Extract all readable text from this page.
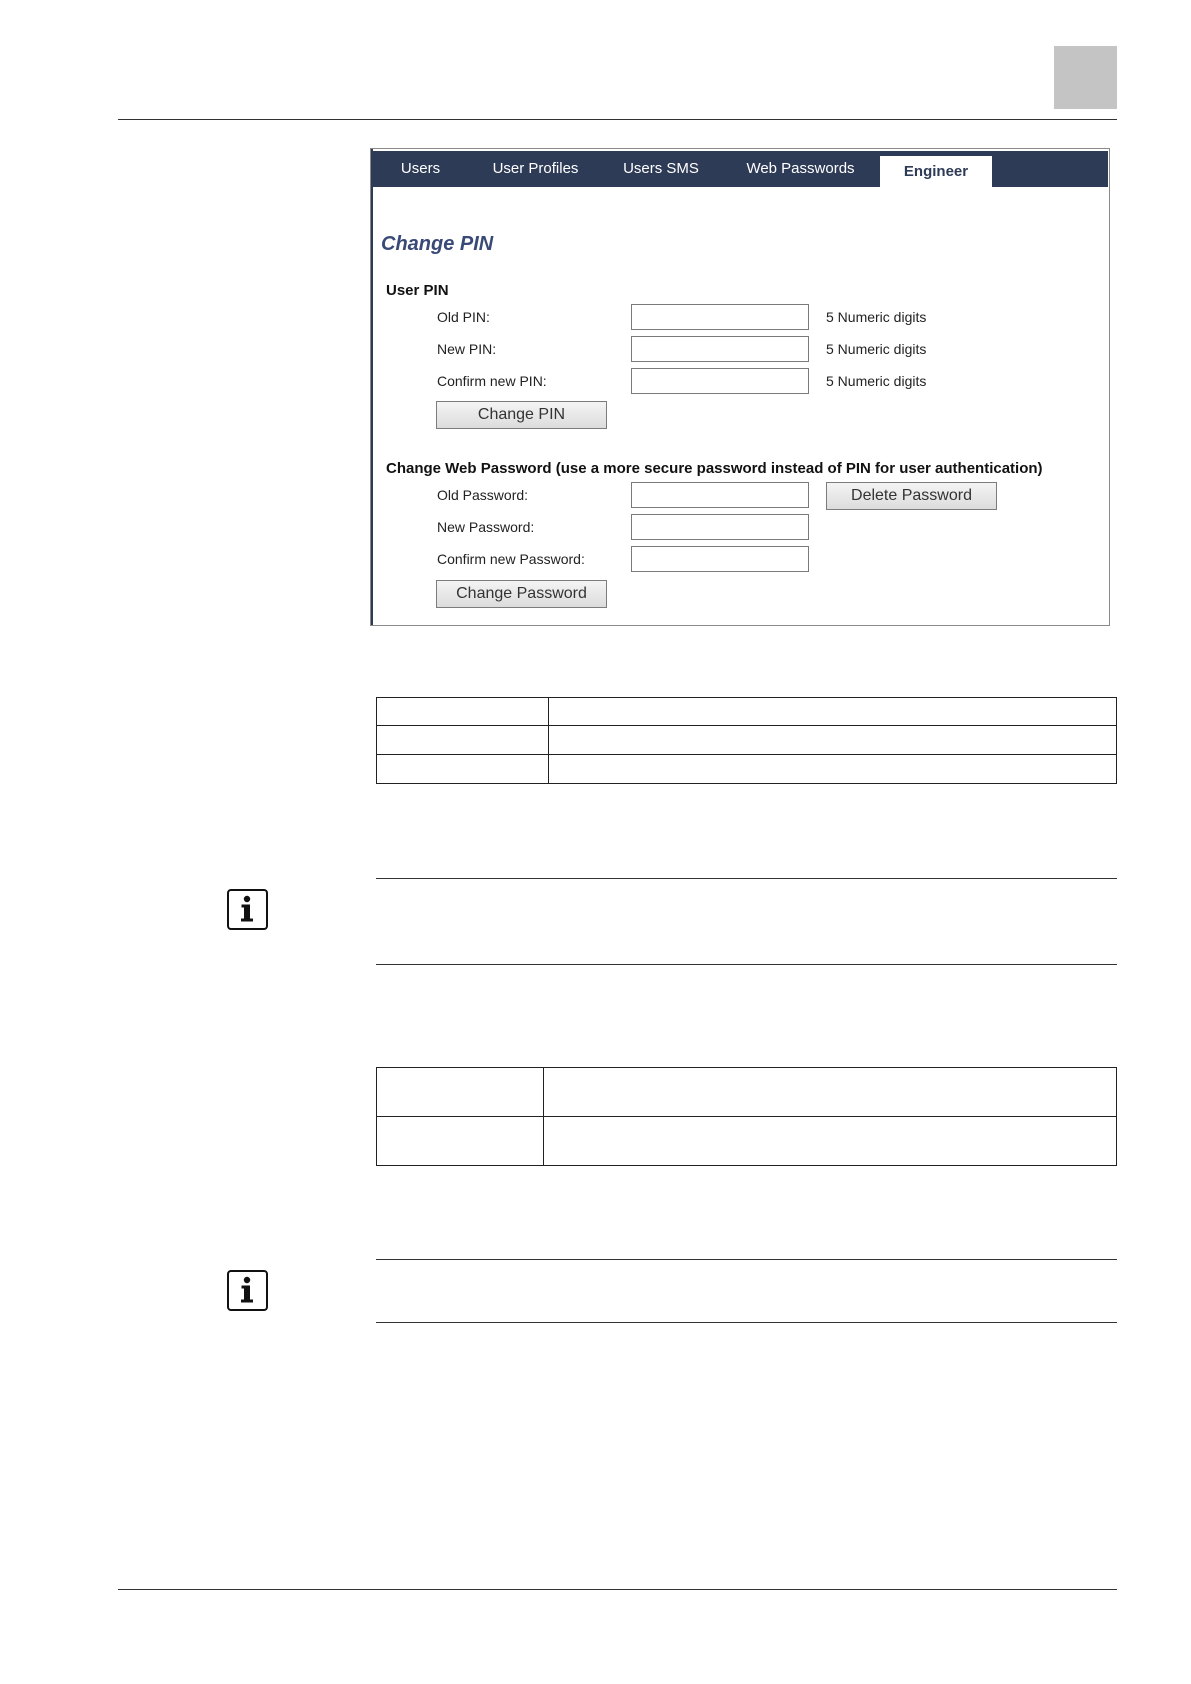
Users	User Profiles	Users SMS	Web Passwords	Engineer
Change PIN
User PIN
Old PIN:	5 Numeric digits
New PIN:	5 Numeric digits
Confirm new PIN:	5 Numeric digits
Change PIN
Change Web Password (use a more secure password instead of PIN for user authentication)
Old Password:	Delete Password
New Password:
Confirm new Password:
Change Password
